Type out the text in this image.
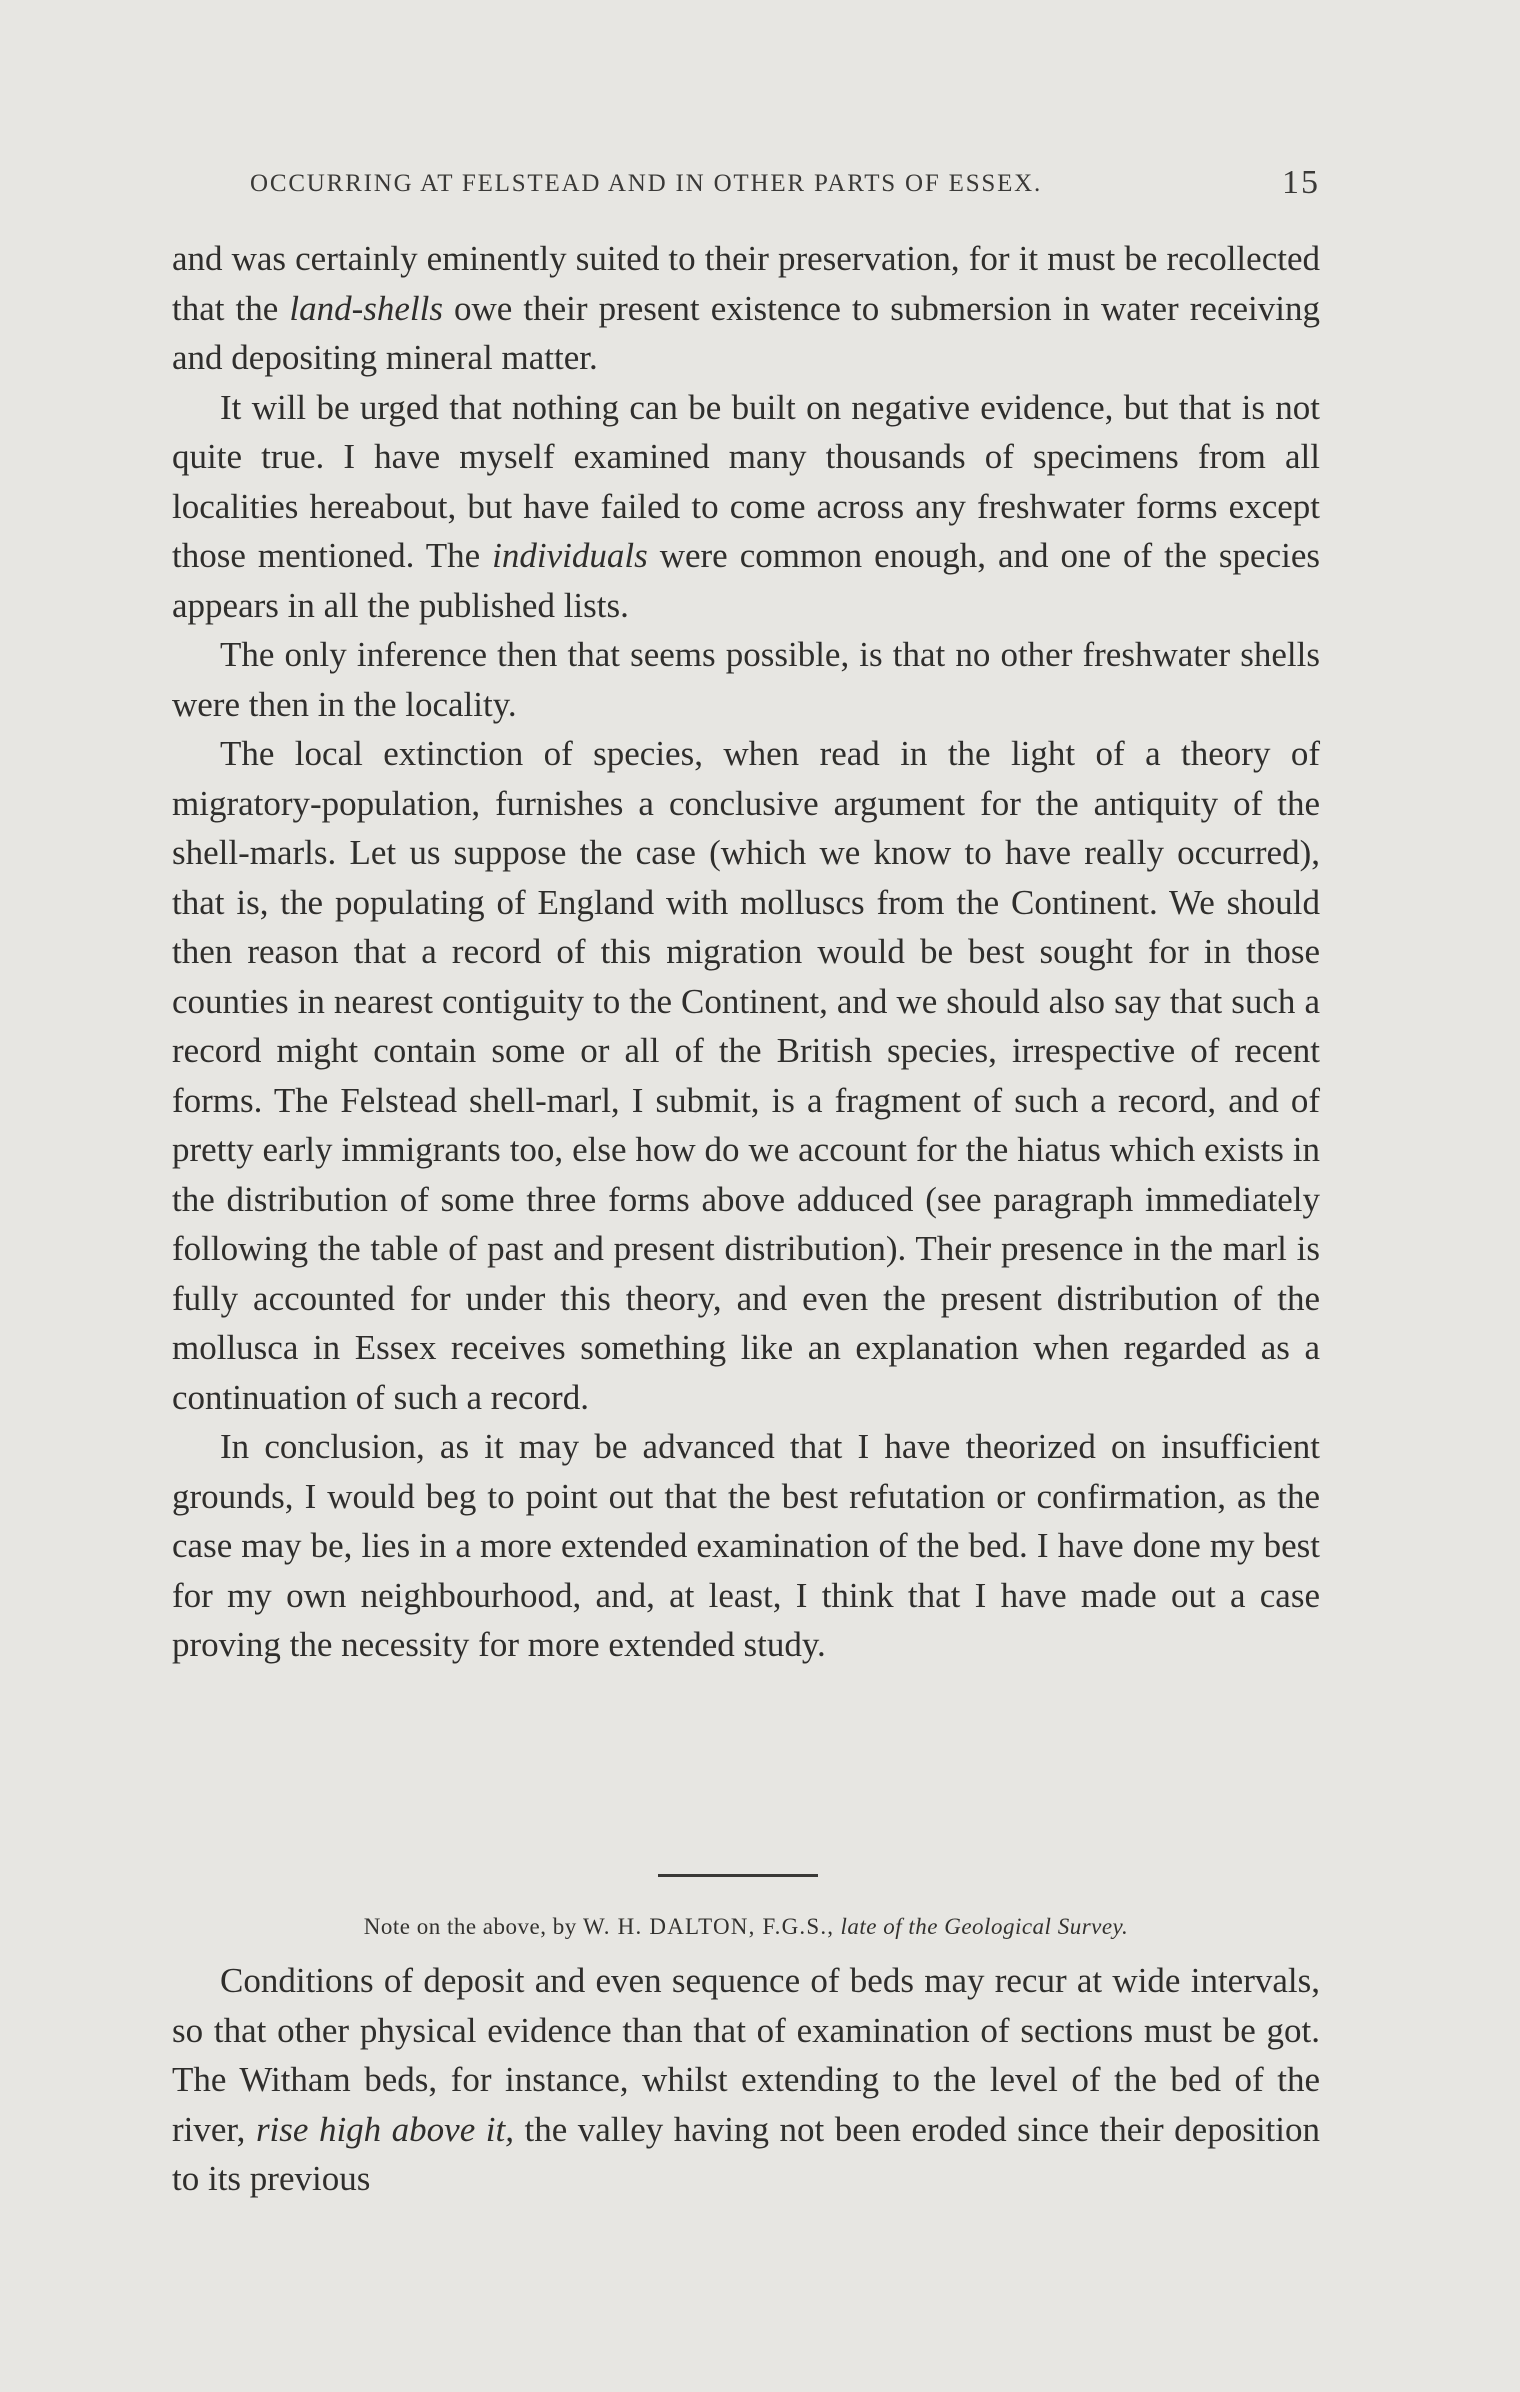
OCCURRING AT FELSTEAD AND IN OTHER PARTS OF ESSEX.	15

and was certainly eminently suited to their preservation, for it must be recollected that the land-shells owe their present existence to submersion in water receiving and depositing mineral matter.

It will be urged that nothing can be built on negative evidence, but that is not quite true. I have myself examined many thousands of specimens from all localities hereabout, but have failed to come across any freshwater forms except those mentioned. The individuals were common enough, and one of the species appears in all the published lists.

The only inference then that seems possible, is that no other freshwater shells were then in the locality.

The local extinction of species, when read in the light of a theory of migratory-population, furnishes a conclusive argument for the antiquity of the shell-marls. Let us suppose the case (which we know to have really occurred), that is, the populating of England with molluscs from the Continent. We should then reason that a record of this migration would be best sought for in those counties in nearest contiguity to the Continent, and we should also say that such a record might contain some or all of the British species, irrespective of recent forms. The Felstead shell-marl, I submit, is a fragment of such a record, and of pretty early immigrants too, else how do we account for the hiatus which exists in the distribution of some three forms above adduced (see paragraph immediately following the table of past and present distribution). Their presence in the marl is fully accounted for under this theory, and even the present distribution of the mollusca in Essex receives something like an explanation when regarded as a continuation of such a record.

In conclusion, as it may be advanced that I have theorized on insufficient grounds, I would beg to point out that the best refutation or confirmation, as the case may be, lies in a more extended examination of the bed. I have done my best for my own neighbourhood, and, at least, I think that I have made out a case proving the necessity for more extended study.

Note on the above, by W. H. DALTON, F.G.S., late of the Geological Survey.

Conditions of deposit and even sequence of beds may recur at wide intervals, so that other physical evidence than that of examination of sections must be got. The Witham beds, for instance, whilst extending to the level of the bed of the river, rise high above it, the valley having not been eroded since their deposition to its previous
